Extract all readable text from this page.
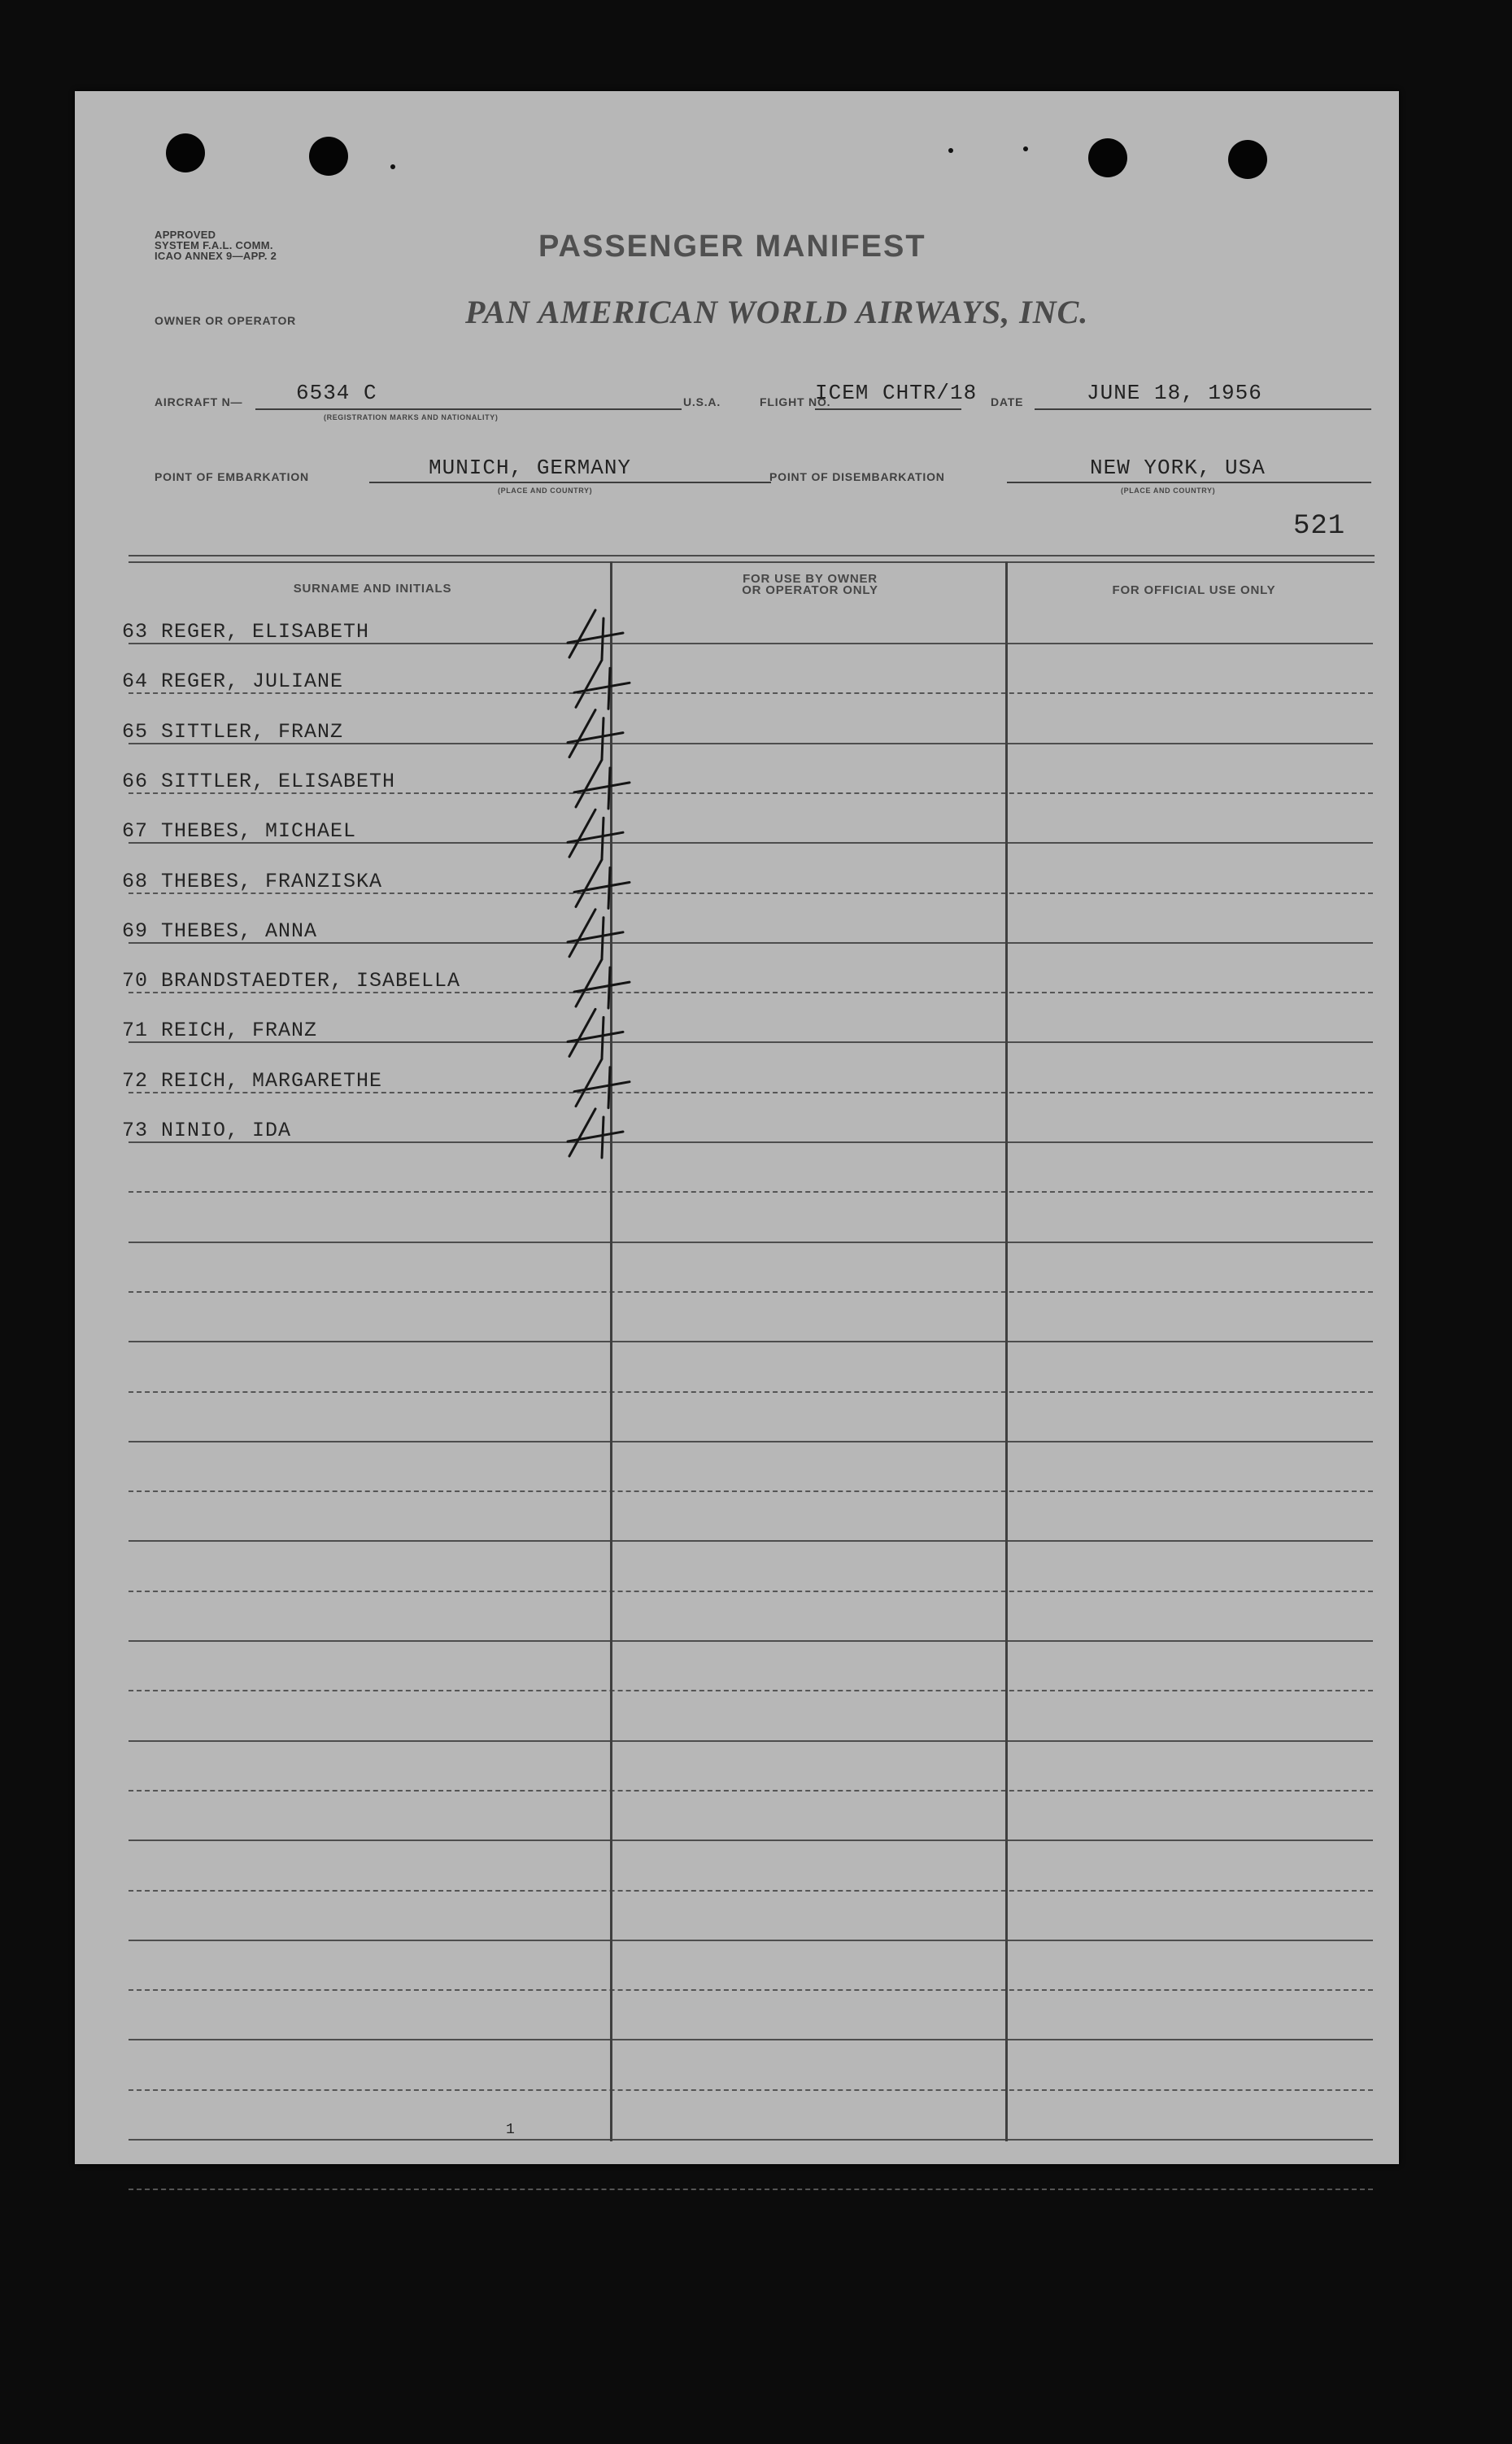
APPROVED
SYSTEM F.A.L. COMM.
ICAO ANNEX 9—APP. 2	PASSENGER MANIFEST
OWNER OR OPERATOR	PAN AMERICAN WORLD AIRWAYS, INC.
AIRCRAFT N—	6534 C
(REGISTRATION MARKS AND NATIONALITY)
U.S.A.	FLIGHT NO.
ICEM CHTR/18 DATE	JUNE 18, 1956
POINT OF EMBARKATION	MUNICH, GERMANY
(PLACE AND COUNTRY)
POINT OF DISEMBARKATION	NEW YORK, USA
(PLACE AND COUNTRY)
521
SURNAME AND INITIALS
FOR USE BY OWNER
OR OPERATOR ONLY	FOR OFFICIAL USE ONLY
63 REGER, ELISABETH
64 REGER, JULIANE
65 SITTLER, FRANZ
66 SITTLER, ELISABETH
67 THEBES, MICHAEL
68 THEBES, FRANZISKA
69 THEBES, ANNA
70 BRANDSTAEDTER, ISABELLA
71 REICH, FRANZ
72 REICH, MARGARETHE
73 NINIO, IDA
1
